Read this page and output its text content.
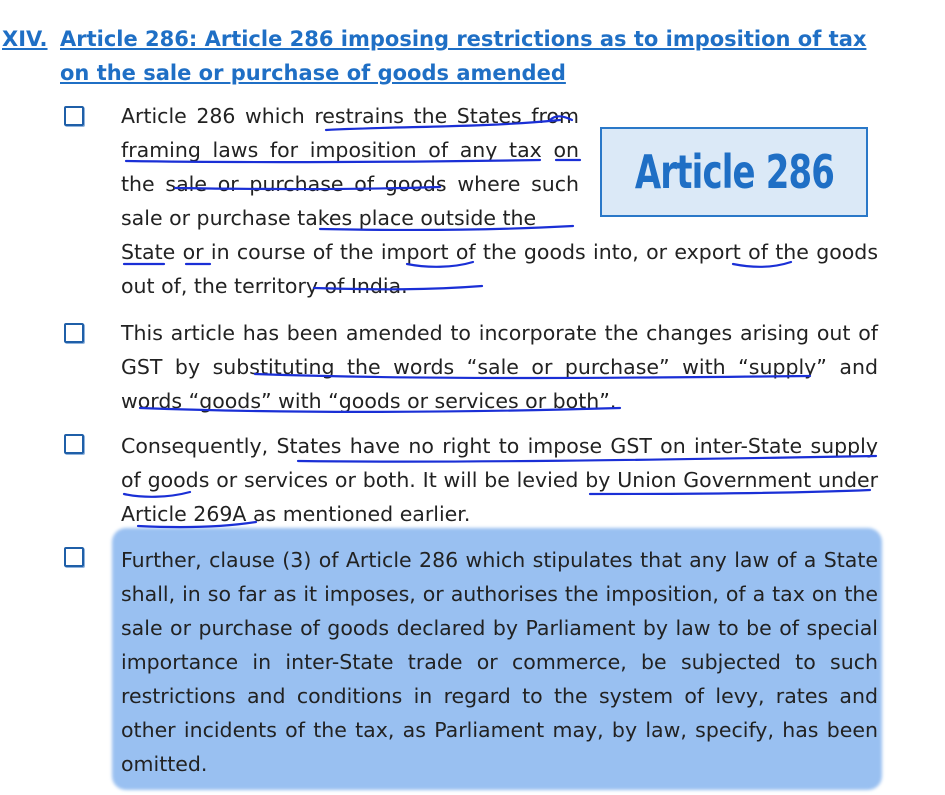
XIV. Article 286: Article 286 imposing restrictions as to imposition of tax on the sale or purchase of goods amended
Article 286 which restrains the States from framing laws for imposition of any tax on the sale or purchase of goods where such sale or purchase takes place outside the
State or in course of the import of the goods into, or export of the goods out of, the territory of India.
Article 286
This article has been amended to incorporate the changes arising out of GST by substituting the words “sale or purchase” with “supply” and words “goods” with “goods or services or both”.
Consequently, States have no right to impose GST on inter-State supply of goods or services or both. It will be levied by Union Government under Article 269A as mentioned earlier.
Further, clause (3) of Article 286 which stipulates that any law of a State shall, in so far as it imposes, or authorises the imposition, of a tax on the sale or purchase of goods declared by Parliament by law to be of special importance in inter-State trade or commerce, be subjected to such restrictions and conditions in regard to the system of levy, rates and other incidents of the tax, as Parliament may, by law, specify, has been omitted.
